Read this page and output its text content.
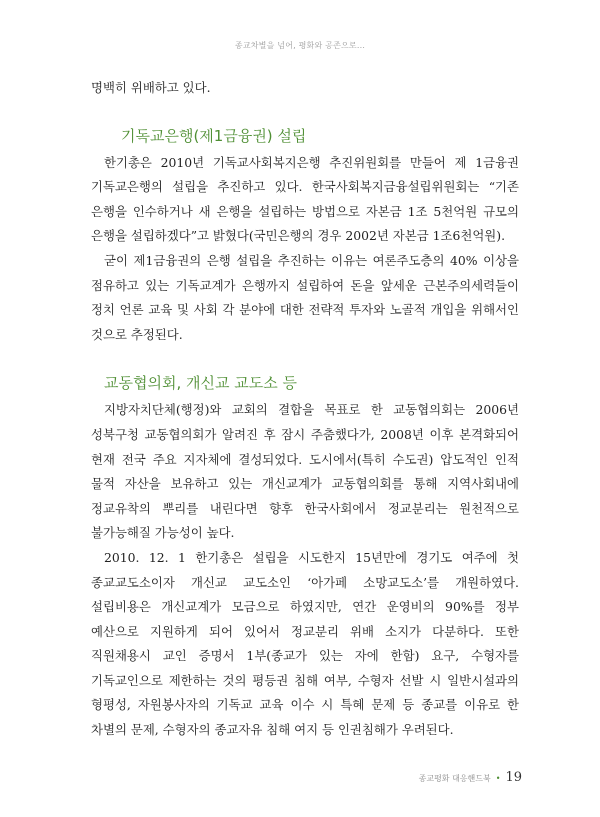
종교차별을 넘어, 평화와 공존으로...

명백히 위배하고 있다.

기독교은행(제1금융권) 설립

한기총은 2010년 기독교사회복지은행 추진위원회를 만들어 제 1금융권 기독교은행의 설립을 추진하고 있다. 한국사회복지금융설립위원회는 “기존 은행을 인수하거나 새 은행을 설립하는 방법으로 자본금 1조 5천억원 규모의 은행을 설립하겠다”고 밝혔다(국민은행의 경우 2002년 자본금 1조6천억원).

굳이 제1금융권의 은행 설립을 추진하는 이유는 여론주도층의 40% 이상을 점유하고 있는 기독교계가 은행까지 설립하여 돈을 앞세운 근본주의세력들이 정치 언론 교육 및 사회 각 분야에 대한 전략적 투자와 노골적 개입을 위해서인 것으로 추정된다.

교동협의회, 개신교 교도소 등

지방자치단체(행정)와 교회의 결합을 목표로 한 교동협의회는 2006년 성북구청 교동협의회가 알려진 후 잠시 주춤했다가, 2008년 이후 본격화되어 현재 전국 주요 지자체에 결성되었다. 도시에서(특히 수도권) 압도적인 인적 물적 자산을 보유하고 있는 개신교계가 교동협의회를 통해 지역사회내에 정교유착의 뿌리를 내린다면 향후 한국사회에서 정교분리는 원천적으로 불가능해질 가능성이 높다.

2010. 12. 1 한기총은 설립을 시도한지 15년만에 경기도 여주에 첫 종교교도소이자 개신교 교도소인 ‘아가페 소망교도소’를 개원하였다. 설립비용은 개신교계가 모금으로 하였지만, 연간 운영비의 90%를 정부 예산으로 지원하게 되어 있어서 정교분리 위배 소지가 다분하다. 또한 직원채용시 교인 증명서 1부(종교가 있는 자에 한함) 요구, 수형자를 기독교인으로 제한하는 것의 평등권 침해 여부, 수형자 선발 시 일반시설과의 형평성, 자원봉사자의 기독교 교육 이수 시 특혜 문제 등 종교를 이유로 한 차별의 문제, 수형자의 종교자유 침해 여지 등 인권침해가 우려된다.

종교평화 대응핸드북 • 19
